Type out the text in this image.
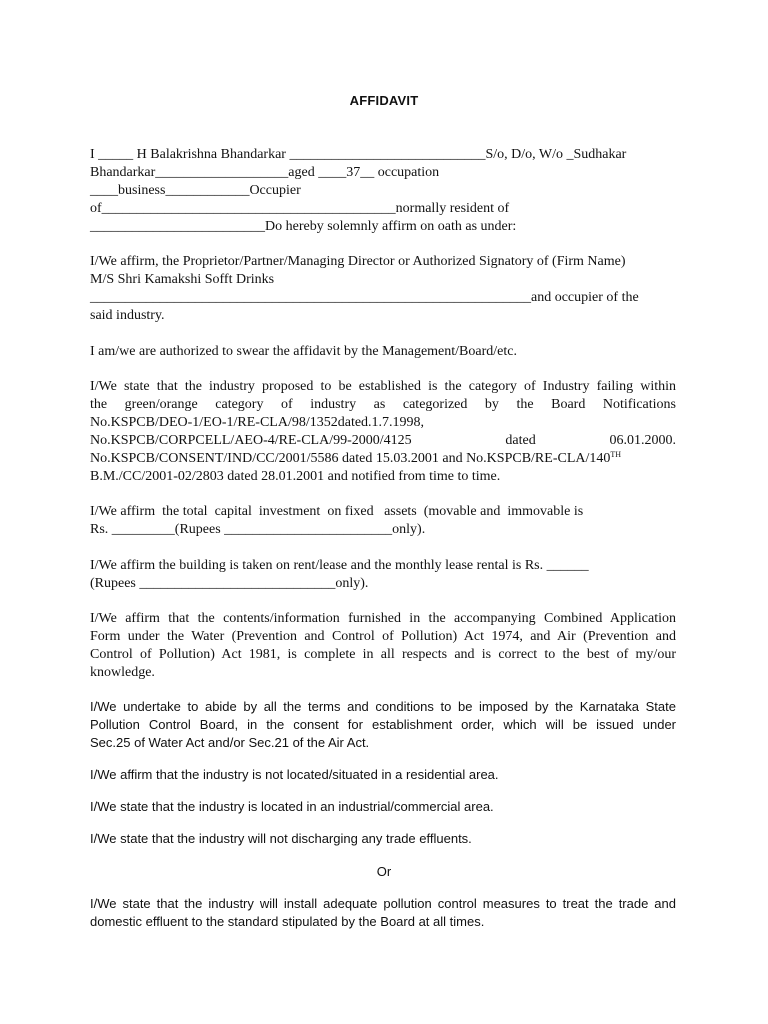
AFFIDAVIT
I _____ H Balakrishna Bhandarkar ____________________________S/o, D/o, W/o _Sudhakar
Bhandarkar___________________aged ____37__ occupation
____business____________Occupier
of__________________________________________normally resident of
_________________________Do hereby solemnly affirm on oath as under:
I/We affirm, the Proprietor/Partner/Managing Director or Authorized Signatory of (Firm Name)
M/S Shri Kamakshi Sofft Drinks
_______________________________________________________________and occupier of the
said industry.
I am/we are authorized to swear the affidavit by the Management/Board/etc.
I/We state that the industry proposed to be established is the category of Industry failing within
the green/orange category of industry as categorized by the Board Notifications
No.KSPCB/DEO-1/EO-1/RE-CLA/98/1352dated.1.7.1998,
No.KSPCB/CORPCELL/AEO-4/RE-CLA/99-2000/4125	dated	06.01.2000.
No.KSPCB/CONSENT/IND/CC/2001/5586 dated 15.03.2001 and No.KSPCB/RE-CLA/140TH
B.M./CC/2001-02/2803 dated 28.01.2001 and notified from time to time.
I/We affirm  the total  capital  investment  on fixed   assets  (movable and  immovable is
Rs. _________(Rupees ________________________only).
I/We affirm the building is taken on rent/lease and the monthly lease rental is Rs. ______
(Rupees ____________________________only).
I/We affirm that the contents/information furnished in the accompanying Combined Application
Form under the Water (Prevention and Control of Pollution) Act 1974, and Air (Prevention and
Control of Pollution) Act 1981, is complete in all respects and is correct to the best of my/our
knowledge.
I/We undertake to abide by all the terms and conditions to be imposed by the Karnataka State
Pollution Control Board, in the consent for establishment order, which will be issued under
Sec.25 of Water Act and/or Sec.21 of the Air Act.
I/We affirm that the industry is not located/situated in a residential area.
I/We state that the industry is located in an industrial/commercial area.
I/We state that the industry will not discharging any trade effluents.
Or
I/We state that the industry will install adequate pollution control measures to treat the trade and
domestic effluent to the standard stipulated by the Board at all times.
